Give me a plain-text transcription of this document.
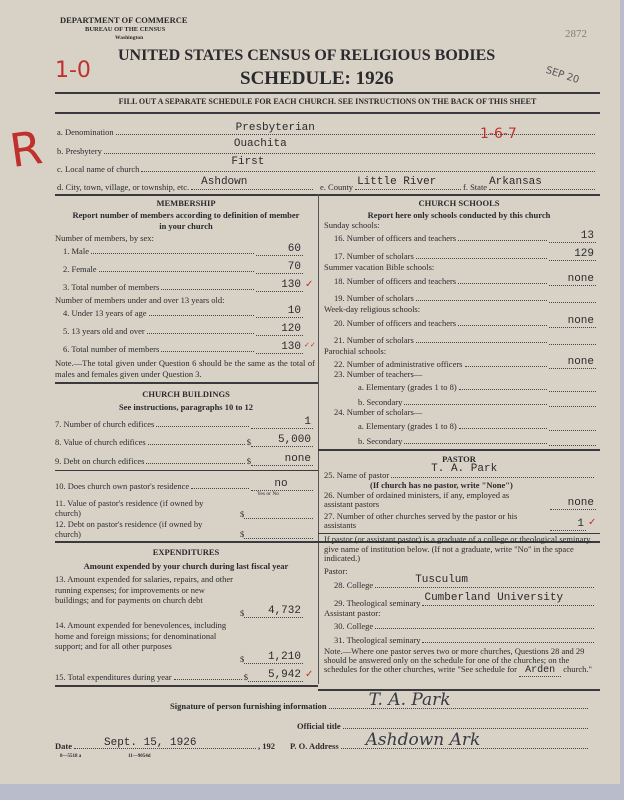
DEPARTMENT OF COMMERCE
BUREAU OF THE CENSUS
Washington
UNITED STATES CENSUS OF RELIGIOUS BODIES
SCHEDULE: 1926	SEP 20
2872
1-0
FILL OUT A SEPARATE SCHEDULE FOR EACH CHURCH. SEE INSTRUCTIONS ON THE BACK OF THIS SHEET
R	1-6-7
a. Denomination	Presbyterian
b. Presbytery
Ouachita
c. Local name of church
First
d. City, town, village, or township, etc. Ashdown	e. County Little River	f. State Arkansas
MEMBERSHIP
Report number of members according to definition of member in your church
Number of members, by sex:
1. Male	60
2. Female	70
3. Total number of members	130 ✓
Number of members under and over 13 years old:
4. Under 13 years of age	10
5. 13 years old and over	120
6. Total number of members	130 ✓✓
Note.—The total given under Question 6 should be the same as the total of males and females given under Question 3.
CHURCH BUILDINGS
See instructions, paragraphs 10 to 12
7. Number of church edifices	1
8. Value of church edifices	$	5,000
9. Debt on church edifices	$	none
10. Does church own pastor's residence	no
Yes or No
11. Value of pastor's residence (if owned by church)	$
12. Debt on pastor's residence (if owned by church)	$
EXPENDITURES
Amount expended by your church during last fiscal year
13. Amount expended for salaries, repairs, and other running expenses; for improvements or new buildings; and for payments on church debt
$	4,732
14. Amount expended for benevolences, including home and foreign missions; for denominational support; and for all other purposes
$	1,210
15. Total expenditures during year	$	5,942 ✓
CHURCH SCHOOLS
Report here only schools conducted by this church
Sunday schools:
16. Number of officers and teachers	13
17. Number of scholars	129
Summer vacation Bible schools:
18. Number of officers and teachers	none
19. Number of scholars
Week-day religious schools:
20. Number of officers and teachers	none
21. Number of scholars
Parochial schools:
22. Number of administrative officers	none
23. Number of teachers—
a. Elementary (grades 1 to 8)
b. Secondary
24. Number of scholars—
a. Elementary (grades 1 to 8)
b. Secondary
PASTOR
25. Name of pastor	T. A. Park
(If church has no pastor, write "None")
26. Number of ordained ministers, if any, employed as assistant pastors	none
27. Number of other churches served by the pastor or his assistants	1 ✓
If pastor (or assistant pastor) is a graduate of a college or theological seminary, give name of institution below. (If not a graduate, write "No" in the space indicated.)
Pastor:
28. College	Tusculum
29. Theological seminary Cumberland University
Assistant pastor:
30. College
31. Theological seminary
Note.—Where one pastor serves two or more churches, Questions 28 and 29 should be answered only on the schedule for one of the churches; on the schedules for the other churches, write "See schedule for Arden church."
Signature of person furnishing information T. A. Park
Official title
P. O. Address Ashdown Ark
Date	Sept. 15, 1926	, 192
8—5518 a	11—9054d
